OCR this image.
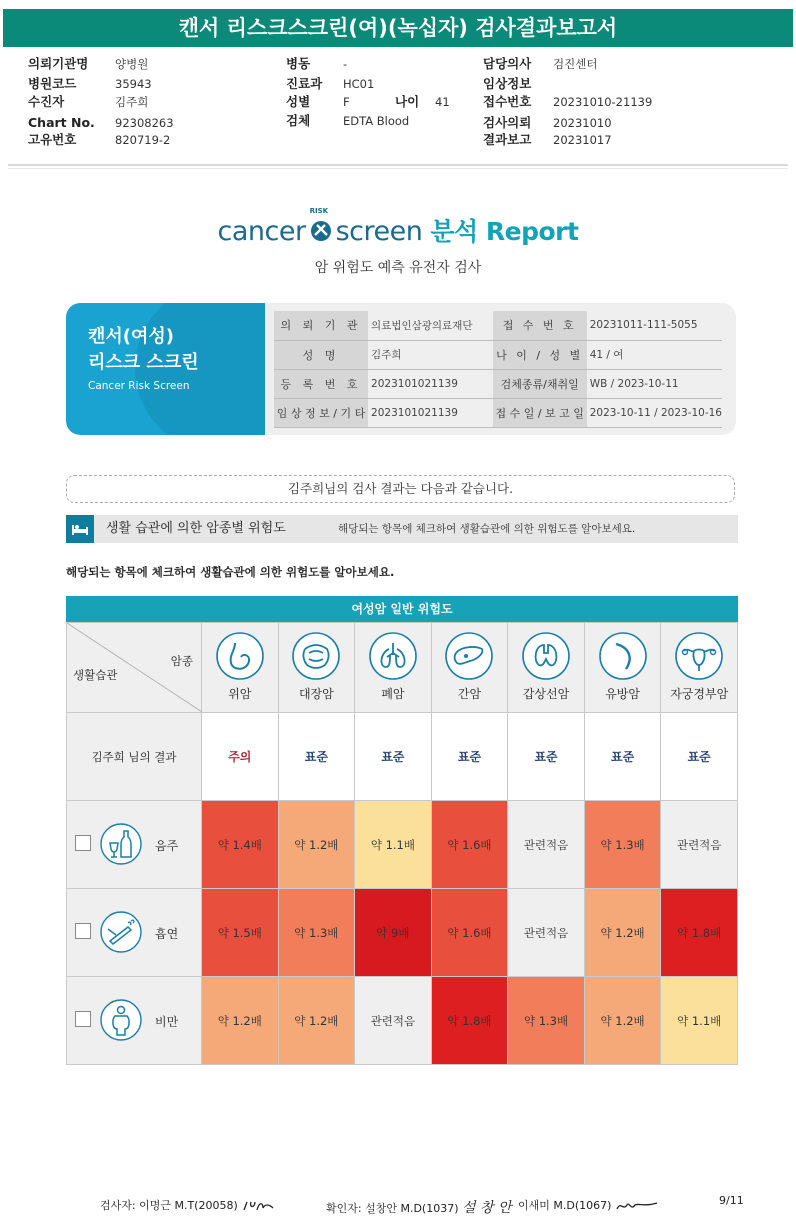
캔서 리스크스크린(여)(녹십자) 검사결과보고서
의뢰기관명 양병원
병원코드	35943
수진자	김주희
Chart No. 92308263
고유번호	820719-2
병동	-
진료과 HC01
성별	F	나이 41
검체	EDTA Blood
담당의사 검진센터
임상정보
접수번호 20231010-21139
검사의뢰 20231010
결과보고 20231017
cancer
RISK
screen 분석 Report
암 위험도 예측 유전자 검사
캔서(여성)
리스크 스크린
Cancer Risk Screen
의 뢰 기 관	의료법인삼광의료재단	접 수 번 호	20231011-111-5055
성 명	김주희	나 이 / 성 별	41 / 여
등 록 번 호	2023101021139	검체종류/채취일	WB / 2023-10-11
임 상 정 보 / 기 타	2023101021139	접 수 일 / 보 고 일	2023-10-11 / 2023-10-16
김주희님의 검사 결과는 다음과 같습니다.
생활 습관에 의한 암종별 위험도	해당되는 항목에 체크하여 생활습관에 의한 위험도를 알아보세요.
해당되는 항목에 체크하여 생활습관에 의한 위험도를 알아보세요.
여성암 일반 위험도
생활습관
암종	위암	대장암	폐암	간암	갑상선암	유방암	자궁경부암

김주희 님의 결과	주의	표준	표준	표준	표준	표준	표준

음주	약 1.4배	약 1.2배	약 1.1배	약 1.6배	관련적음	약 1.3배	관련적음

흡연	약 1.5배	약 1.3배	약 9배	약 1.6배	관련적음	약 1.2배	약 1.8배

비만	약 1.2배	약 1.2배	관련적음	약 1.8배	약 1.3배	약 1.2배	약 1.1배
검사자: 이명근 M.T(20058)	확인자: 설창안 M.D(1037) 설 창 안 이새미 M.D(1067)	9/11
